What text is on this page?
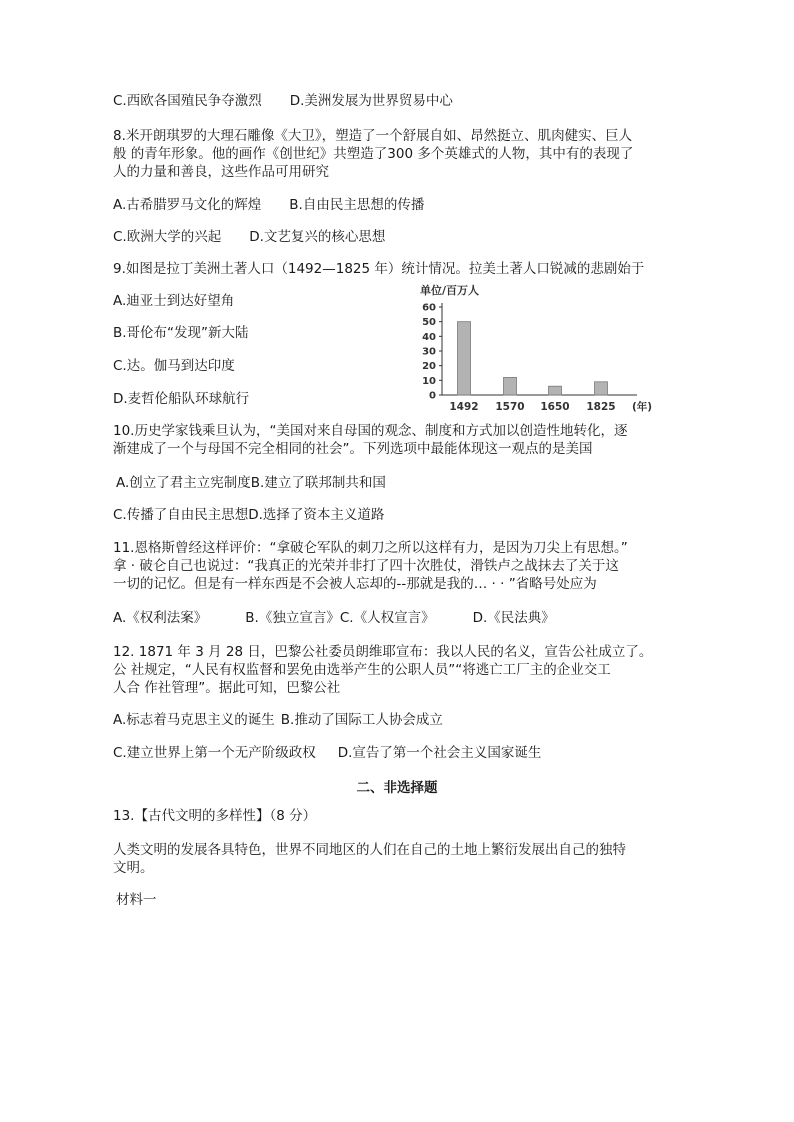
C.西欧各国殖民争夺激烈 D.美洲发展为世界贸易中心
8.米开朗琪罗的大理石雕像《大卫》，塑造了一个舒展自如、昂然挺立、肌肉健实、巨人
般 的青年形象。他的画作《创世纪》共塑造了300 多个英雄式的人物，其中有的表现了
人的力量和善良，这些作品可用研究
A.古希腊罗马文化的辉煌 B.自由民主思想的传播
C.欧洲大学的兴起 D.文艺复兴的核心思想
9.如图是拉丁美洲土著人口（1492—1825 年）统计情况。拉美土著人口锐减的悲剧始于
A.迪亚士到达好望角
B.哥伦布“发现”新大陆
C.达。伽马到达印度
D.麦哲伦船队环球航行
单位/百万人
0
10
20
30
40
50
60
1492 1570 1650 1825 (年)
10.历史学家钱乘旦认为，“美国对来自母国的观念、制度和方式加以创造性地转化，逐
渐建成了一个与母国不完全相同的社会”。下列选项中最能体现这一观点的是美国
A.创立了君主立宪制度B.建立了联邦制共和国
C.传播了自由民主思想D.选择了资本主义道路
11.恩格斯曾经这样评价：“拿破仑军队的刺刀之所以这样有力，是因为刀尖上有思想。”
拿 · 破仑自己也说过：“我真正的光荣并非打了四十次胜仗，滑铁卢之战抹去了关于这
一切的记忆。但是有一样东西是不会被人忘却的--那就是我的… · · ”省略号处应为
A.《权利法案》	B.《独立宣言》C.《人权宣言》	D.《民法典》
12. 1871 年 3 月 28 日，巴黎公社委员朗维耶宣布：我以人民的名义，宣告公社成立了。
公 社规定，“人民有权监督和罢免由选举产生的公职人员”“将逃亡工厂主的企业交工
人合 作社管理”。据此可知，巴黎公社
A.标志着马克思主义的诞生 B.推动了国际工人协会成立
C.建立世界上第一个无产阶级政权 D.宣告了第一个社会主义国家诞生
二、非选择题
13.【古代文明的多样性】（8 分）
人类文明的发展各具特色，世界不同地区的人们在自己的土地上繁衍发展出自己的独特
文明。
材料一
